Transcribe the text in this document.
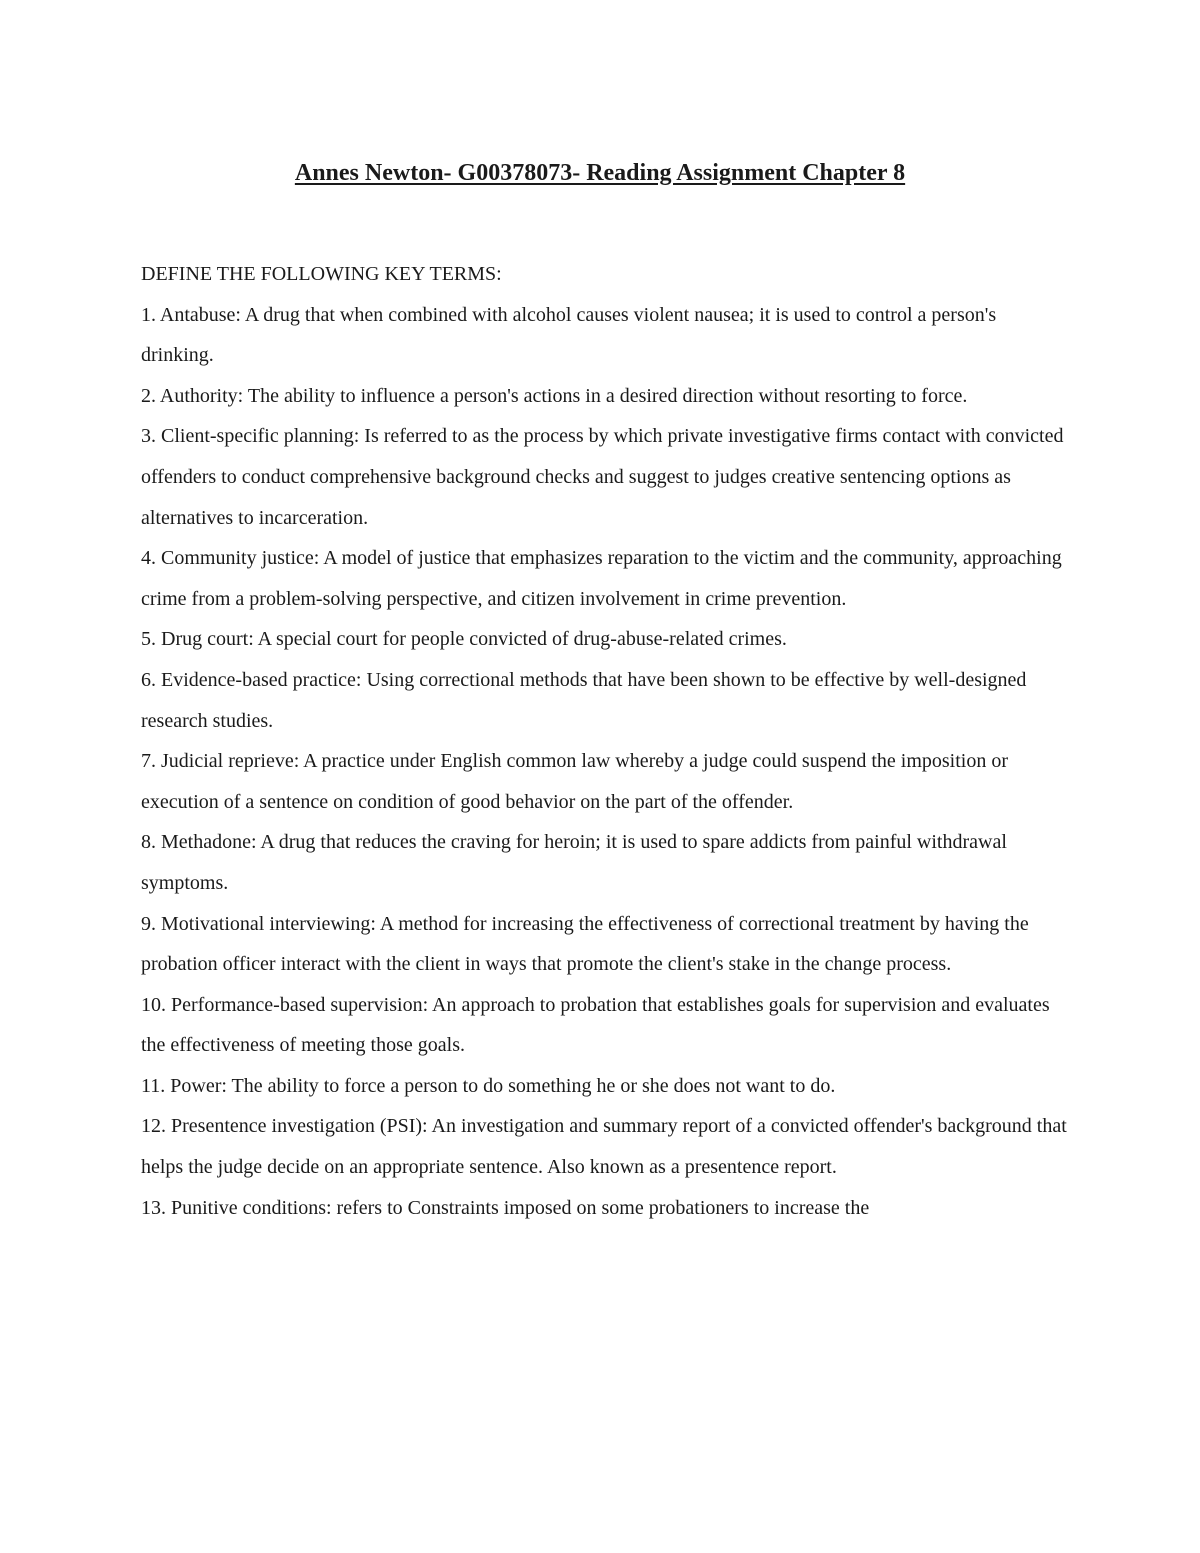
Annes Newton- G00378073- Reading Assignment Chapter 8

DEFINE THE FOLLOWING KEY TERMS:

1. Antabuse: A drug that when combined with alcohol causes violent nausea; it is used to control a person's drinking.

2. Authority: The ability to influence a person's actions in a desired direction without resorting to force.

3. Client-specific planning: Is referred to as the process by which private investigative firms contact with convicted offenders to conduct comprehensive background checks and suggest to judges creative sentencing options as alternatives to incarceration.

4. Community justice: A model of justice that emphasizes reparation to the victim and the community, approaching crime from a problem-solving perspective, and citizen involvement in crime prevention.

5. Drug court: A special court for people convicted of drug-abuse-related crimes.

6. Evidence-based practice: Using correctional methods that have been shown to be effective by well-designed research studies.

7. Judicial reprieve: A practice under English common law whereby a judge could suspend the imposition or execution of a sentence on condition of good behavior on the part of the offender.

8. Methadone: A drug that reduces the craving for heroin; it is used to spare addicts from painful withdrawal symptoms.

9. Motivational interviewing: A method for increasing the effectiveness of correctional treatment by having the probation officer interact with the client in ways that promote the client's stake in the change process.

10. Performance-based supervision: An approach to probation that establishes goals for supervision and evaluates the effectiveness of meeting those goals.

11. Power: The ability to force a person to do something he or she does not want to do.

12. Presentence investigation (PSI): An investigation and summary report of a convicted offender's background that helps the judge decide on an appropriate sentence. Also known as a presentence report.

13. Punitive conditions: refers to Constraints imposed on some probationers to increase the
